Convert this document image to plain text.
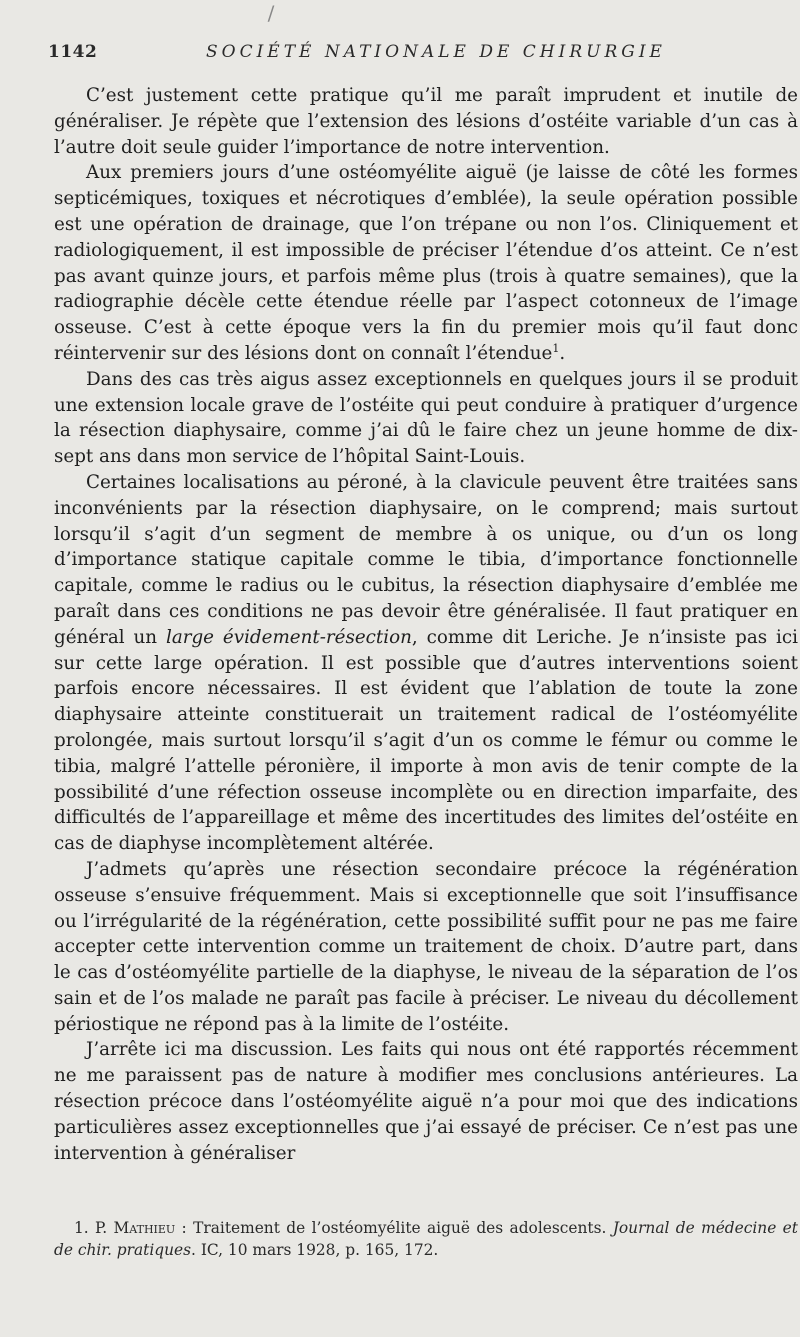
/
1142	SOCIÉTÉ NATIONALE DE CHIRURGIE

C’est justement cette pratique qu’il me paraît imprudent et inutile de généraliser. Je répète que l’extension des lésions d’ostéite variable d’un cas à l’autre doit seule guider l’importance de notre intervention.

Aux premiers jours d’une ostéomyélite aiguë (je laisse de côté les formes septicémiques, toxiques et nécrotiques d’emblée), la seule opération possible est une opération de drainage, que l’on trépane ou non l’os. Cliniquement et radiologiquement, il est impossible de préciser l’étendue d’os atteint. Ce n’est pas avant quinze jours, et parfois même plus (trois à quatre semaines), que la radiographie décèle cette étendue réelle par l’aspect cotonneux de l’image osseuse. C’est à cette époque vers la fin du premier mois qu’il faut donc réintervenir sur des lésions dont on connaît l’étendue$^1$.

Dans des cas très aigus assez exceptionnels en quelques jours il se produit une extension locale grave de l’ostéite qui peut conduire à pratiquer d’urgence la résection diaphysaire, comme j’ai dû le faire chez un jeune homme de dix-sept ans dans mon service de l’hôpital Saint-Louis.

Certaines localisations au péroné, à la clavicule peuvent être traitées sans inconvénients par la résection diaphysaire, on le comprend; mais surtout lorsqu’il s’agit d’un segment de membre à os unique, ou d’un os long d’importance statique capitale comme le tibia, d’importance fonctionnelle capitale, comme le radius ou le cubitus, la résection diaphysaire d’emblée me paraît dans ces conditions ne pas devoir être généralisée. Il faut pratiquer en général un large évidement-résection, comme dit Leriche. Je n’insiste pas ici sur cette large opération. Il est possible que d’autres interventions soient parfois encore nécessaires. Il est évident que l’ablation de toute la zone diaphysaire atteinte constituerait un traitement radical de l’ostéomyélite prolongée, mais surtout lorsqu’il s’agit d’un os comme le fémur ou comme le tibia, malgré l’attelle péronière, il importe à mon avis de tenir compte de la possibilité d’une réfection osseuse incomplète ou en direction imparfaite, des difficultés de l’appareillage et même des incertitudes des limites del’ostéite en cas de diaphyse incomplètement altérée.

J’admets qu’après une résection secondaire précoce la régénération osseuse s’ensuive fréquemment. Mais si exceptionnelle que soit l’insuffisance ou l’irrégularité de la régénération, cette possibilité suffit pour ne pas me faire accepter cette intervention comme un traitement de choix. D’autre part, dans le cas d’ostéomyélite partielle de la diaphyse, le niveau de la séparation de l’os sain et de l’os malade ne paraît pas facile à préciser. Le niveau du décollement périostique ne répond pas à la limite de l’ostéite.

J’arrête ici ma discussion. Les faits qui nous ont été rapportés récemment ne me paraissent pas de nature à modifier mes conclusions antérieures. La résection précoce dans l’ostéomyélite aiguë n’a pour moi que des indications particulières assez exceptionnelles que j’ai essayé de préciser. Ce n’est pas une intervention à généraliser

1. P. Mathieu : Traitement de l’ostéomyélite aiguë des adolescents. Journal de médecine et de chir. pratiques. IC, 10 mars 1928, p. 165, 172.
